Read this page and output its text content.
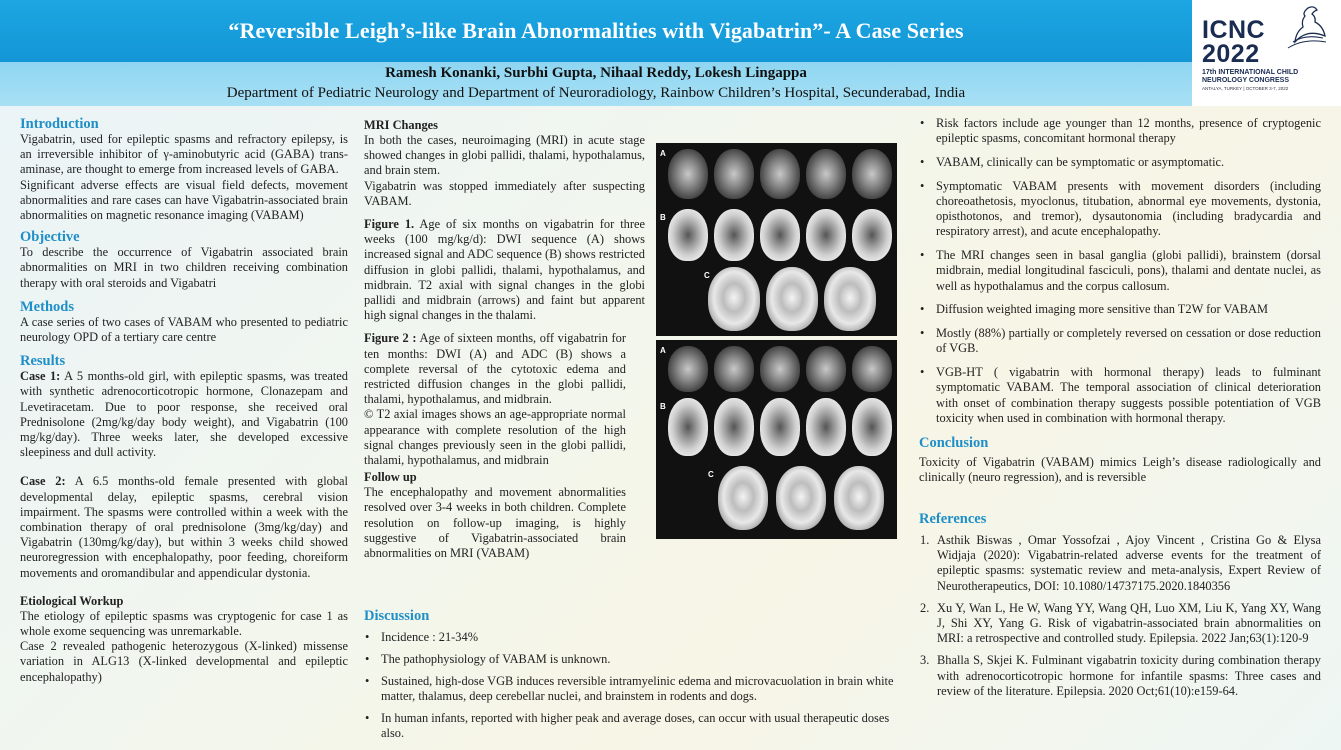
“Reversible Leigh’s-like Brain Abnormalities with Vigabatrin”- A Case Series
Ramesh Konanki, Surbhi Gupta, Nihaal Reddy, Lokesh Lingappa
Department of Pediatric Neurology and Department of Neuroradiology, Rainbow Children’s Hospital, Secunderabad, India
ICNC
2022
17th INTERNATIONAL CHILD
NEUROLOGY CONGRESS
ANTALYA, TURKEY | OCTOBER 3-7, 2022
Introduction

Vigabatrin, used for epileptic spasms and refractory epilepsy, is an irreversible inhibitor of γ-aminobutyric acid (GABA) trans- aminase, are thought to emerge from increased levels of GABA.

Significant adverse effects are visual field defects, movement abnormalities and rare cases can have Vigabatrin-associated brain abnormalities on magnetic resonance imaging (VABAM)

Objective

To describe the occurrence of Vigabatrin associated brain abnormalities on MRI in two children receiving combination therapy with oral steroids and Vigabatri

Methods

A case series of two cases of VABAM who presented to pediatric neurology OPD of a tertiary care centre

Results

Case 1: A 5 months-old girl, with epileptic spasms, was treated with synthetic adrenocorticotropic hormone, Clonazepam and Levetiracetam. Due to poor response, she received oral Prednisolone (2mg/kg/day body weight), and Vigabatrin (100 mg/kg/day). Three weeks later, she developed excessive sleepiness and dull activity.

Case 2: A 6.5 months-old female presented with global developmental delay, epileptic spasms, cerebral vision impairment. The spasms were controlled within a week with the combination therapy of oral prednisolone (3mg/kg/day) and Vigabatrin (130mg/kg/day), but within 3 weeks child showed neuroregression with encephalopathy, poor feeding, choreiform movements and oromandibular and appendicular dystonia.

Etiological Workup

The etiology of epileptic spasms was cryptogenic for case 1 as whole exome sequencing was unremarkable.

Case 2 revealed pathogenic heterozygous (X-linked) missense variation in ALG13 (X-linked developmental and epileptic encephalopathy)

MRI Changes

In both the cases, neuroimaging (MRI) in acute stage showed changes in globi pallidi, thalami, hypothalamus, and brain stem.

Vigabatrin was stopped immediately after suspecting VABAM.

Figure 1. Age of six months on vigabatrin for three weeks (100 mg/kg/d): DWI sequence (A) shows increased signal and ADC sequence (B) shows restricted diffusion in globi pallidi, thalami, hypothalamus, and midbrain. T2 axial with signal changes in the globi pallidi and midbrain (arrows) and faint but apparent high signal changes in the thalami.

Figure 2 : Age of sixteen months, off vigabatrin for ten months: DWI (A) and ADC (B) shows a complete reversal of the cytotoxic edema and restricted diffusion changes in the globi pallidi, thalami, hypothalamus, and midbrain.

© T2 axial images shows an age-appropriate normal appearance with complete resolution of the high signal changes previously seen in the globi pallidi, thalami, hypothalamus, and midbrain

Follow up

The encephalopathy and movement abnormalities resolved over 3-4 weeks in both children. Complete resolution on follow-up imaging, is highly suggestive of Vigabatrin-associated brain abnormalities on MRI (VABAM)

A
B
C
A
B
C
Discussion
• Incidence : 21-34%
• The pathophysiology of VABAM is unknown.
• Sustained, high-dose VGB induces reversible intramyelinic edema and microvacuolation in brain white matter, thalamus, deep cerebellar nuclei, and brainstem in rodents and dogs.
• In human infants, reported with higher peak and average doses, can occur with usual therapeutic doses also.
• Risk factors include age younger than 12 months, presence of cryptogenic epileptic spasms, concomitant hormonal therapy
• VABAM, clinically can be symptomatic or asymptomatic.
• Symptomatic VABAM presents with movement disorders (including choreoathetosis, myoclonus, titubation, abnormal eye movements, dystonia, opisthotonos, and tremor), dysautonomia (including bradycardia and respiratory arrest), and acute encephalopathy.
• The MRI changes seen in basal ganglia (globi pallidi), brainstem (dorsal midbrain, medial longitudinal fasciculi, pons), thalami and dentate nuclei, as well as hypothalamus and the corpus callosum.
• Diffusion weighted imaging more sensitive than T2W for VABAM
• Mostly (88%) partially or completely reversed on cessation or dose reduction of VGB.
• VGB-HT ( vigabatrin with hormonal therapy) leads to fulminant symptomatic VABAM. The temporal association of clinical deterioration with onset of combination therapy suggests possible potentiation of VGB toxicity when used in combination with hormonal therapy.
Conclusion

Toxicity of Vigabatrin (VABAM) mimics Leigh’s disease radiologically and clinically (neuro regression), and is reversible

References
1. Asthik Biswas , Omar Yossofzai , Ajoy Vincent , Cristina Go & Elysa Widjaja (2020): Vigabatrin-related adverse events for the treatment of epileptic spasms: systematic review and meta-analysis, Expert Review of Neurotherapeutics, DOI: 10.1080/14737175.2020.1840356
2. Xu Y, Wan L, He W, Wang YY, Wang QH, Luo XM, Liu K, Yang XY, Wang J, Shi XY, Yang G. Risk of vigabatrin-associated brain abnormalities on MRI: a retrospective and controlled study. Epilepsia. 2022 Jan;63(1):120-9
3. Bhalla S, Skjei K. Fulminant vigabatrin toxicity during combination therapy with adrenocorticotropic hormone for infantile spasms: Three cases and review of the literature. Epilepsia. 2020 Oct;61(10):e159-64.
